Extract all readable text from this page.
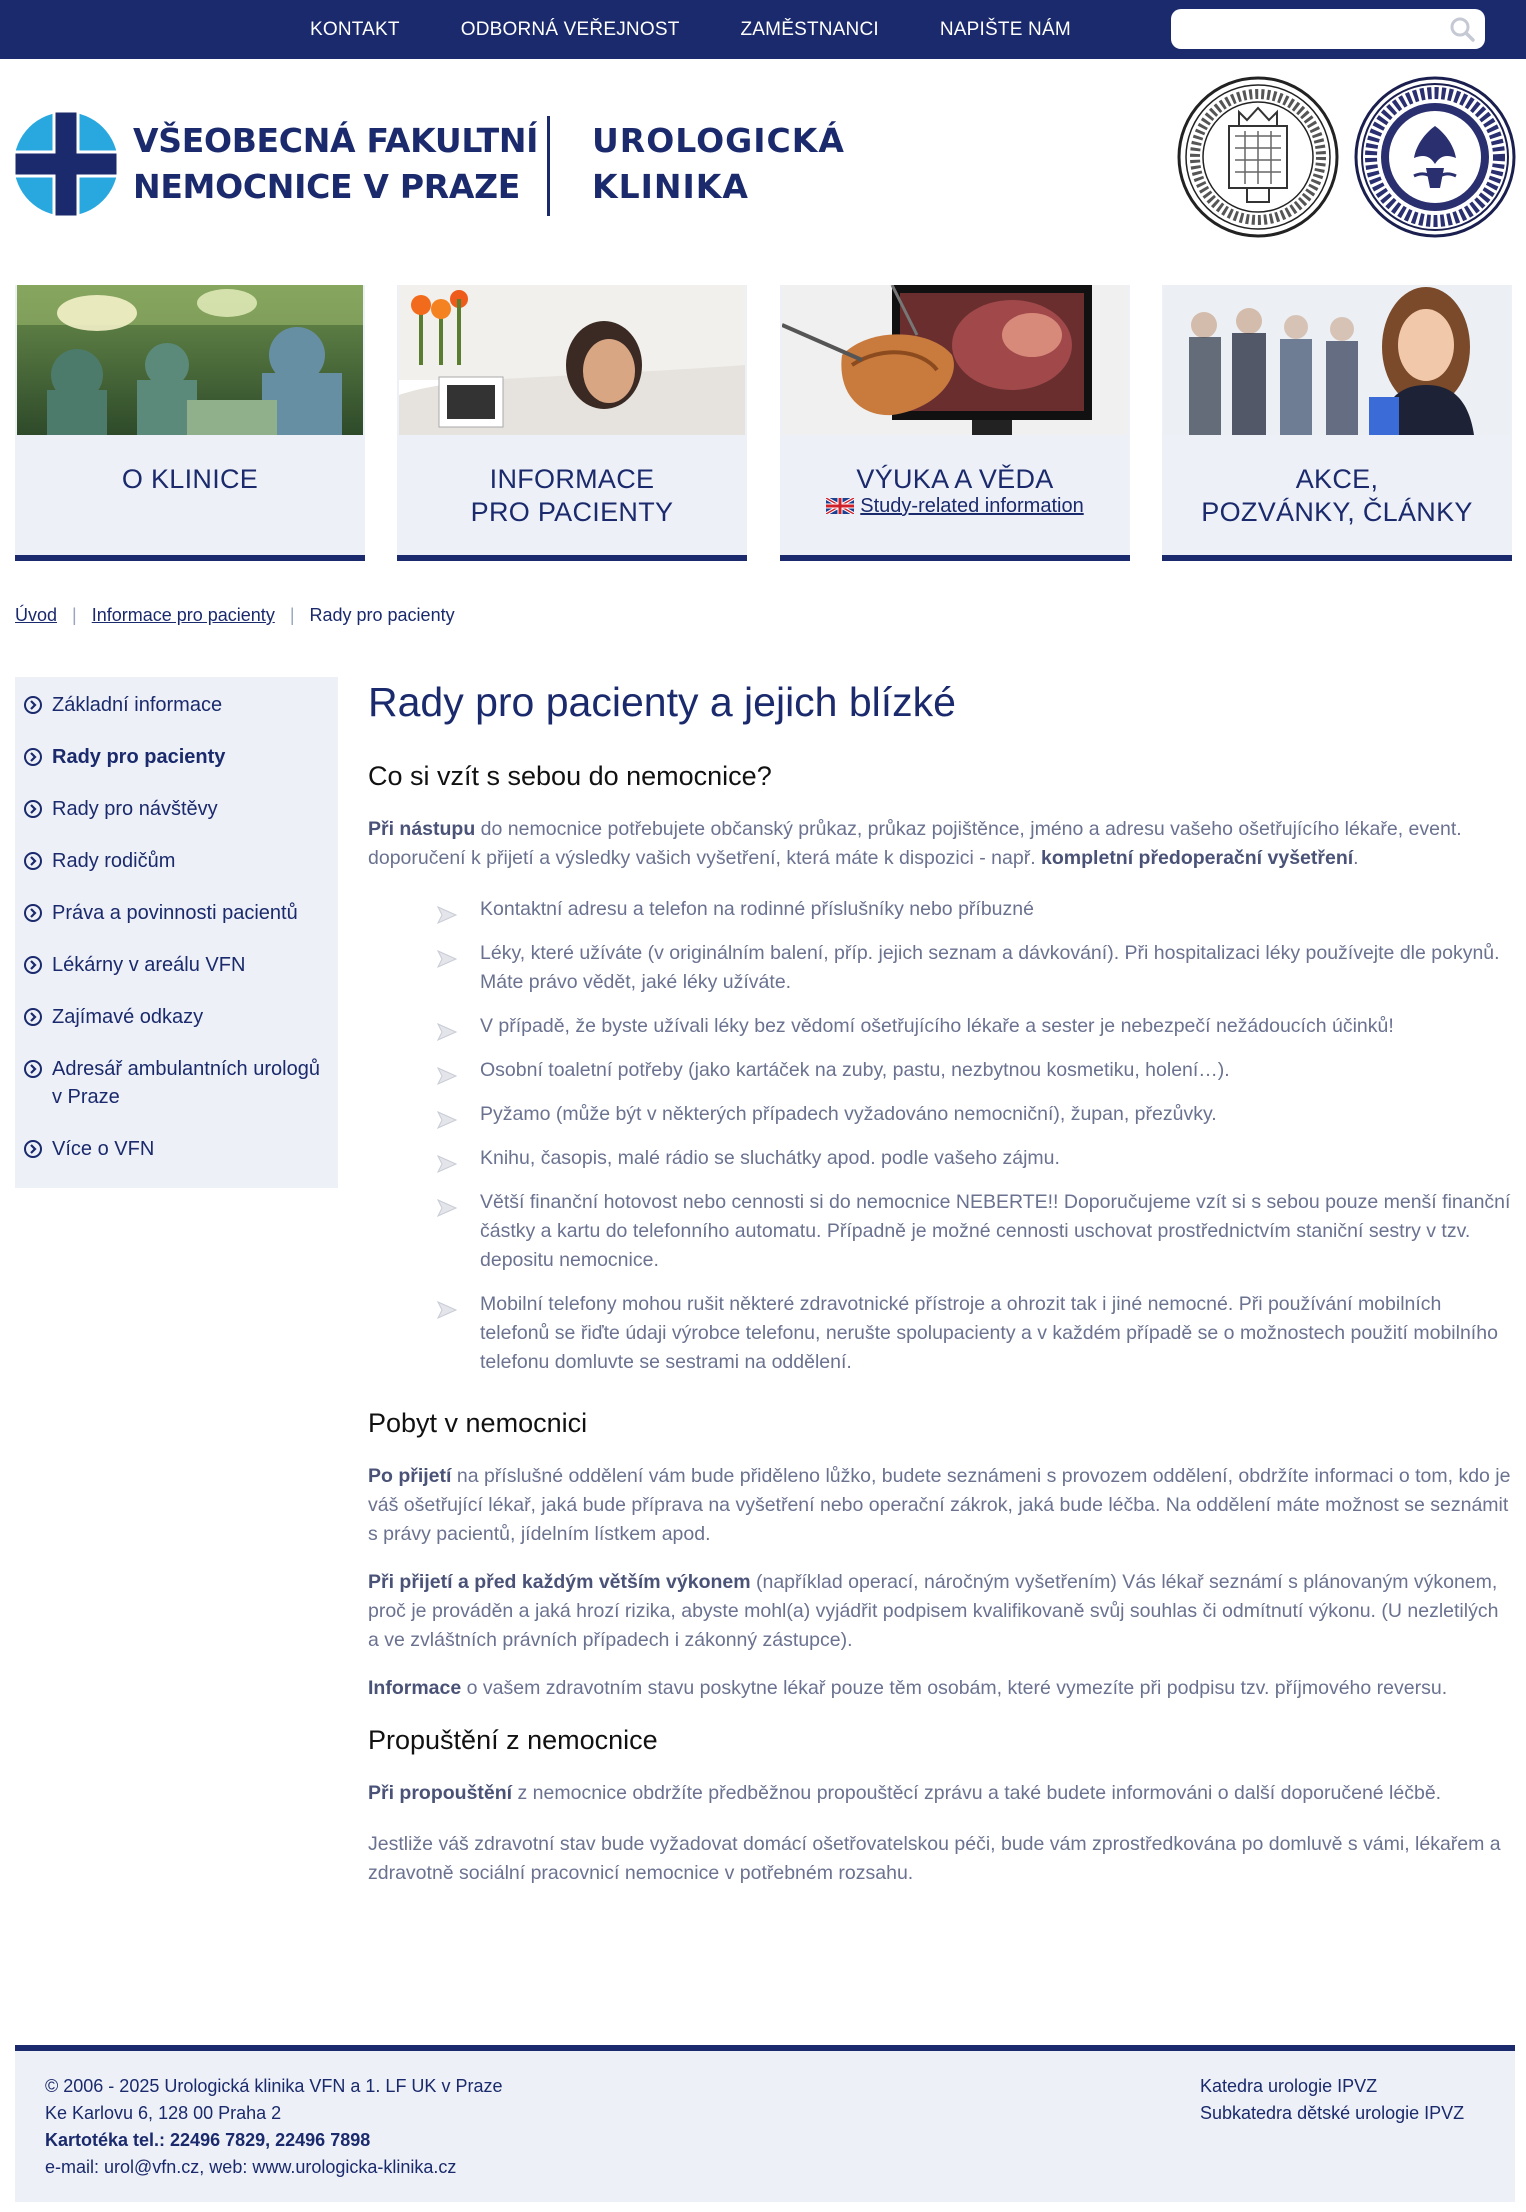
KONTAKT	ODBORNÁ VEŘEJNOST	ZAMĚSTNANCI	NAPIŠTE NÁM
VŠEOBECNÁ FAKULTNÍ
NEMOCNICE V PRAZE
UROLOGICKÁ
KLINIKA
O KLINICE	INFORMACE
PRO PACIENTY
VÝUKA A VĚDA
Study-related information
AKCE,
POZVÁNKY, ČLÁNKY
Úvod | Informace pro pacienty | Rady pro pacienty
Základní informace
Rady pro pacienty
Rady pro návštěvy
Rady rodičům
Práva a povinnosti pacientů
Lékárny v areálu VFN
Zajímavé odkazy
Adresář ambulantních urologů v Praze
Více o VFN
Rady pro pacienty a jejich blízké
Co si vzít s sebou do nemocnice?

Při nástupu do nemocnice potřebujete občanský průkaz, průkaz pojištěnce, jméno a adresu vašeho ošetřujícího lékaře, event. doporučení k přijetí a výsledky vašich vyšetření, která máte k dispozici - např. kompletní předoperační vyšetření.

Kontaktní adresu a telefon na rodinné příslušníky nebo příbuzné
Léky, které užíváte (v originálním balení, příp. jejich seznam a dávkování). Při hospitalizaci léky používejte dle pokynů. Máte právo vědět, jaké léky užíváte.
V případě, že byste užívali léky bez vědomí ošetřujícího lékaře a sester je nebezpečí nežádoucích účinků!
Osobní toaletní potřeby (jako kartáček na zuby, pastu, nezbytnou kosmetiku, holení…).
Pyžamo (může být v některých případech vyžadováno nemocniční), župan, přezůvky.
Knihu, časopis, malé rádio se sluchátky apod. podle vašeho zájmu.
Větší finanční hotovost nebo cennosti si do nemocnice NEBERTE!! Doporučujeme vzít si s sebou pouze menší finanční částky a kartu do telefonního automatu. Případně je možné cennosti uschovat prostřednictvím staniční sestry v tzv. depositu nemocnice.
Mobilní telefony mohou rušit některé zdravotnické přístroje a ohrozit tak i jiné nemocné. Při používání mobilních telefonů se řiďte údaji výrobce telefonu, nerušte spolupacienty a v každém případě se o možnostech použití mobilního telefonu domluvte se sestrami na oddělení.
Pobyt v nemocnici

Po přijetí na příslušné oddělení vám bude přiděleno lůžko, budete seznámeni s provozem oddělení, obdržíte informaci o tom, kdo je váš ošetřující lékař, jaká bude příprava na vyšetření nebo operační zákrok, jaká bude léčba. Na oddělení máte možnost se seznámit s právy pacientů, jídelním lístkem apod.

Při přijetí a před každým větším výkonem (například operací, náročným vyšetřením) Vás lékař seznámí s plánovaným výkonem, proč je prováděn a jaká hrozí rizika, abyste mohl(a) vyjádřit podpisem kvalifikovaně svůj souhlas či odmítnutí výkonu. (U nezletilých a ve zvláštních právních případech i zákonný zástupce).

Informace o vašem zdravotním stavu poskytne lékař pouze těm osobám, které vymezíte při podpisu tzv. příjmového reversu.

Propuštění z nemocnice

Při propouštění z nemocnice obdržíte předběžnou propouštěcí zprávu a také budete informováni o další doporučené léčbě.

Jestliže váš zdravotní stav bude vyžadovat domácí ošetřovatelskou péči, bude vám zprostředkována po domluvě s vámi, lékařem a zdravotně sociální pracovnicí nemocnice v potřebném rozsahu.

© 2006 - 2025 Urologická klinika VFN a 1. LF UK v Praze
Ke Karlovu 6, 128 00 Praha 2
Kartotéka tel.: 22496 7829, 22496 7898
e-mail: urol@vfn.cz, web: www.urologicka-klinika.cz
Katedra urologie IPVZ
Subkatedra dětské urologie IPVZ
